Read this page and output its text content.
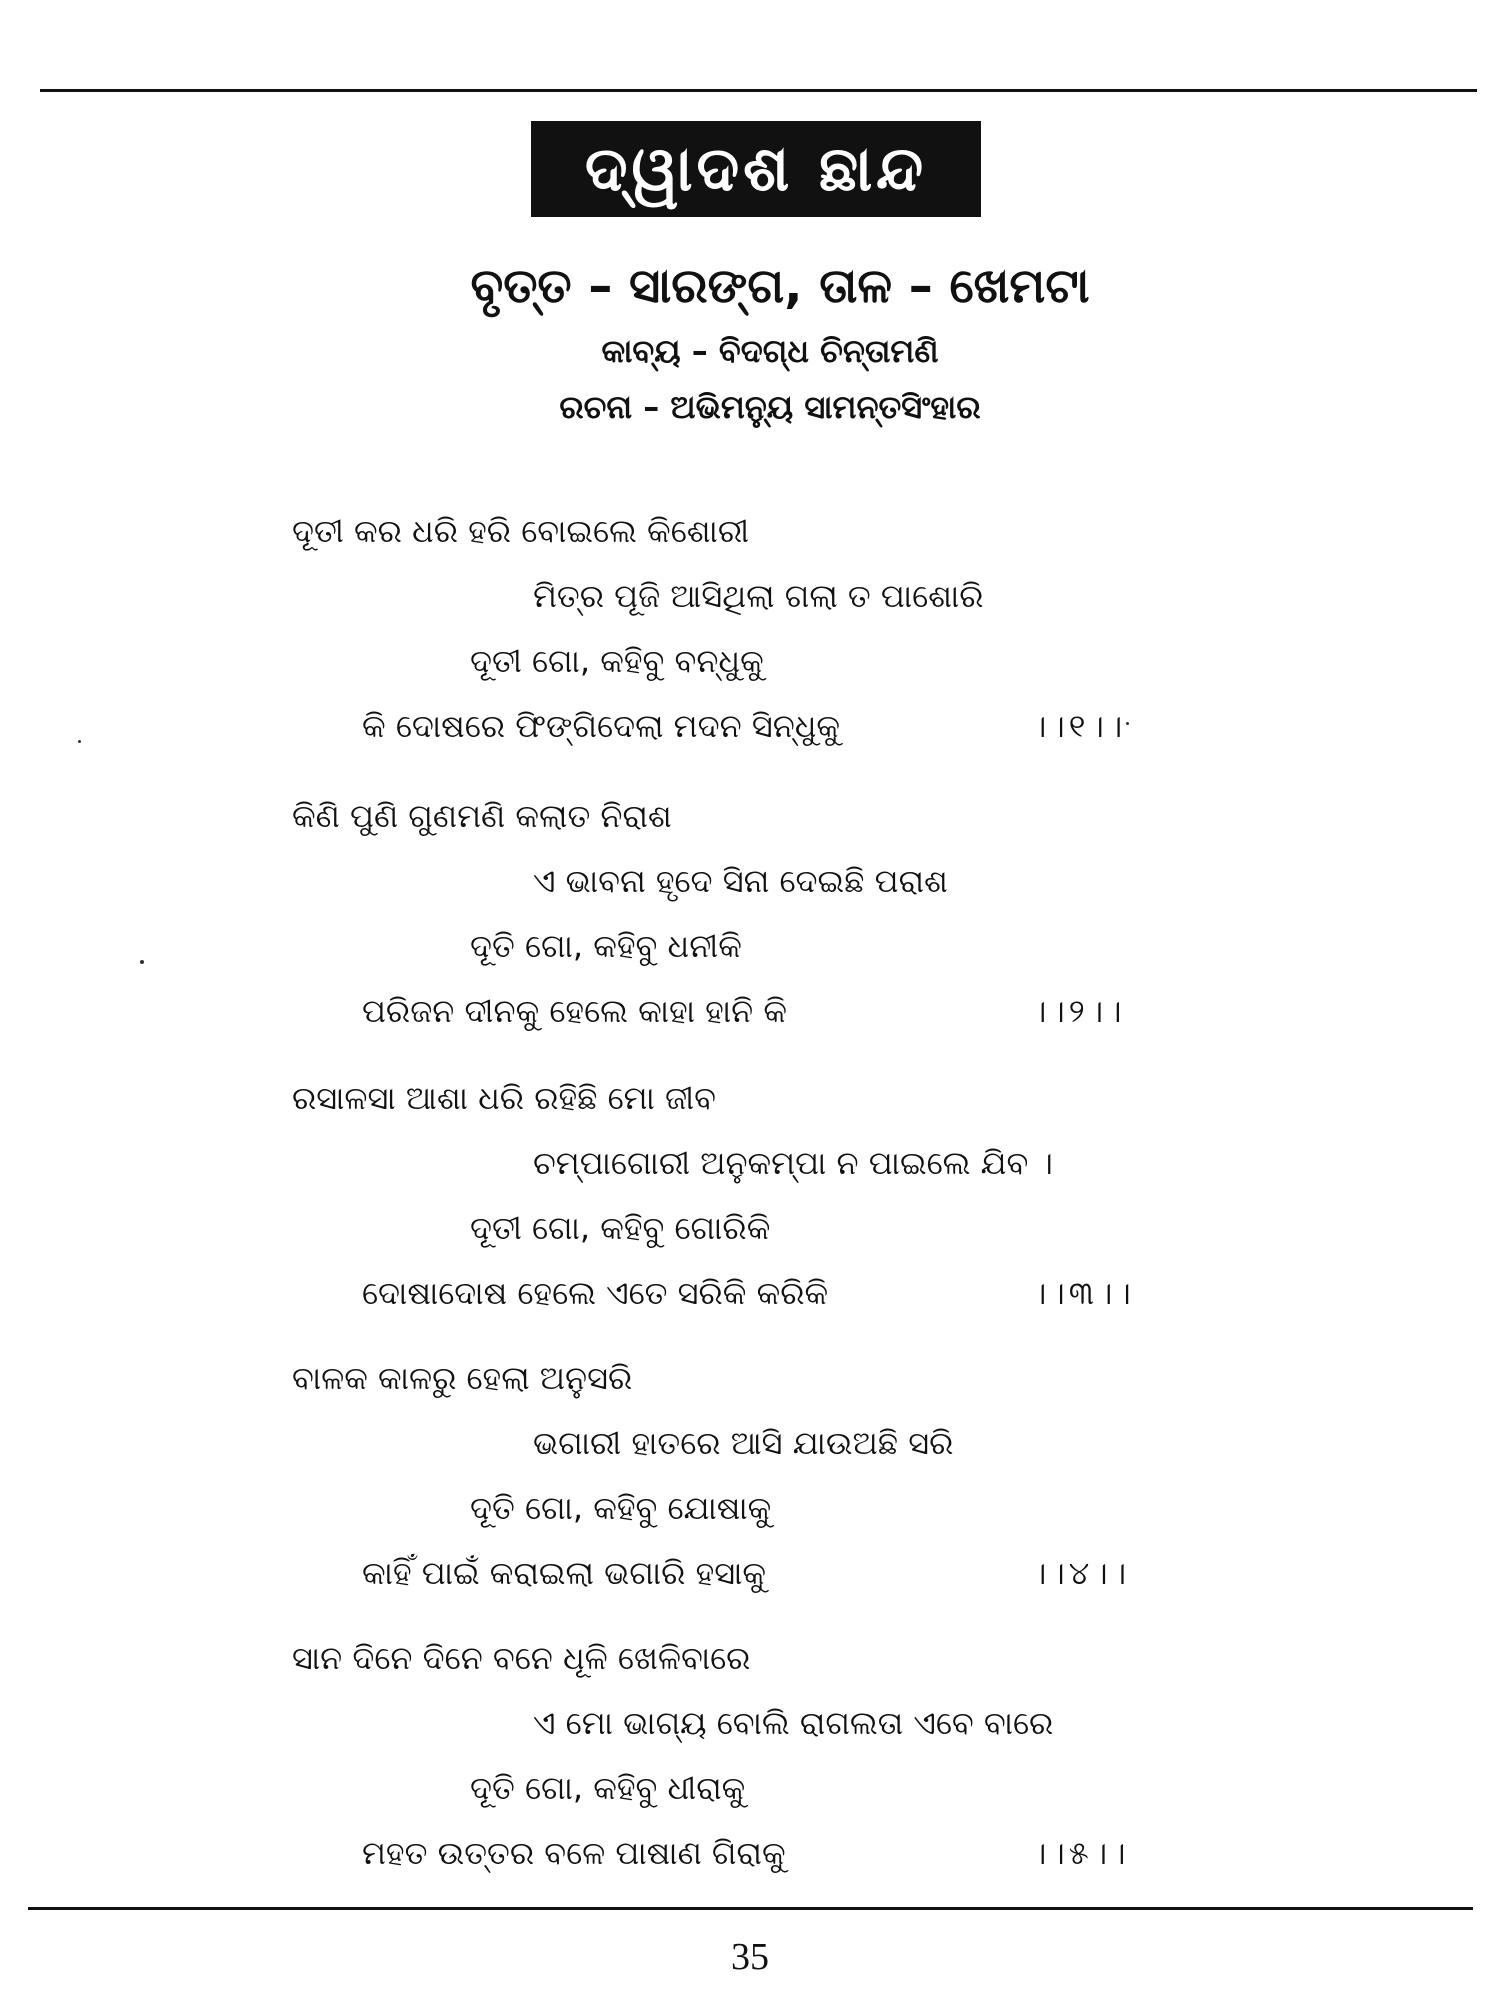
ଦ୍ୱାଦଶ ଛାନ୍ଦ
ବୃତ୍ତ – ସାରଙ୍ଗ, ତାଳ – ଖେମଟା
କାବ୍ୟ – ବିଦଗ୍ଧ ଚିନ୍ତାମଣି
ରଚନା – ଅଭିମନ୍ୟୁ ସାମନ୍ତସିଂହାର
ଦୂତୀ କର ଧରି ହରି ବୋଇଲେ କିଶୋରୀ
ମିତ୍ର ପୂଜି ଆସିଥିଲା ଗଲା ତ ପାଶୋରି
ଦୂତୀ ଗୋ, କହିବୁ ବନ୍ଧୁକୁ
କି ଦୋଷରେ ଫିଙ୍ଗିଦେଲା ମଦନ ସିନ୍ଧୁକୁ	।।୧।।
କିଣି ପୁଣି ଗୁଣମଣି କଲାତ ନିରାଶ
ଏ ଭାବନା ହୃଦେ ସିନା ଦେଇଛି ପରାଶ
ଦୂତି ଗୋ, କହିବୁ ଧନୀକି
ପରିଜନ ଦୀନକୁ ହେଲେ କାହା ହାନି କି	।।୨।।
ରସାଳସା ଆଶା ଧରି ରହିଛି ମୋ ଜୀବ
ଚମ୍ପାଗୋରୀ ଅନୁକମ୍ପା ନ ପାଇଲେ ଯିବ ।
ଦୂତୀ ଗୋ, କହିବୁ ଗୋରିକି
ଦୋଷାଦୋଷ ହେଲେ ଏତେ ସରିକି କରିକି	।।୩।।
ବାଳକ କାଳରୁ ହେଲା ଅନୁସରି
ଭଗାରୀ ହାତରେ ଆସି ଯାଉଅଛି ସରି
ଦୂତି ଗୋ, କହିବୁ ଯୋଷାକୁ
କାହିଁ ପାଇଁ କରାଇଲା ଭଗାରି ହସାକୁ	।।୪।।
ସାନ ଦିନେ ଦିନେ ବନେ ଧୂଳି ଖେଳିବାରେ
ଏ ମୋ ଭାଗ୍ୟ ବୋଲି ରାଗଲତା ଏବେ ବାରେ
ଦୂତି ଗୋ, କହିବୁ ଧୀରାକୁ
ମହତ ଉତ୍ତର ବଳେ ପାଷାଣ ଗିରାକୁ	।।୫।।
35
